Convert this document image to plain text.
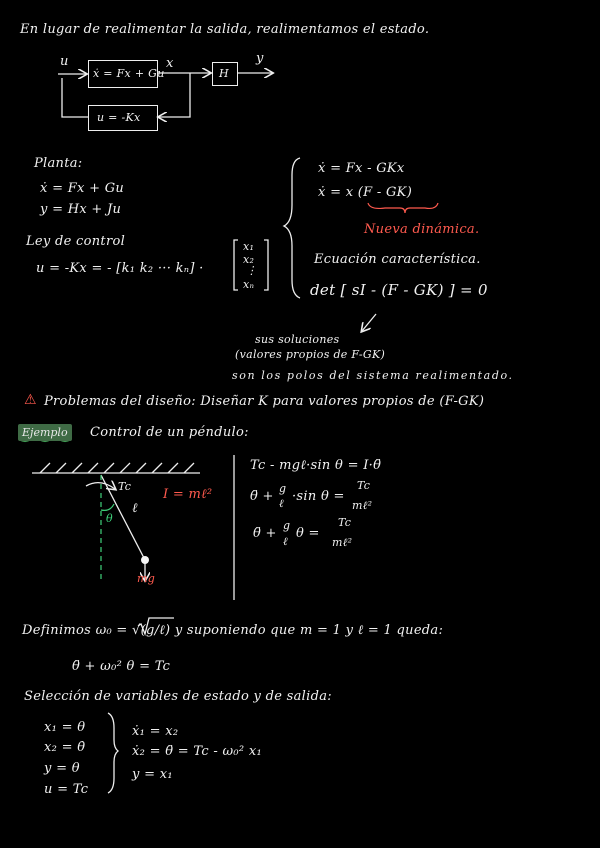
En lugar de realimentar la salida, realimentamos el estado.
u	x	y
ẋ = Fx + Gu	H
u = -Kx
Planta:
ẋ = Fx + Gu
y = Hx + Ju
Ley de control
u = -Kx = - [k₁ k₂ ··· kₙ] ·
x₁
x₂
⋮
xₙ
ẋ = Fx - GKx
ẋ = x (F - GK)
Nueva dinámica.
Ecuación característica.
det [ sI - (F - GK) ] = 0
sus soluciones
(valores propios de F-GK)
son los polos del sistema realimentado.
⚠ Problemas del diseño: Diseñar K para valores propios de (F-GK)
Ejemplo	Control de un péndulo:
Tc
θ
ℓ
I = mℓ²
mg
Tc - mgℓ·sin θ = I·θ̈
θ̈ +
g
ℓ ·sin θ =
Tc
mℓ²
θ̈ +
g
ℓ
θ =
Tc
mℓ²
Definimos ω₀ = √(g/ℓ) y suponiendo que m = 1 y ℓ = 1 queda:
θ̈ + ω₀² θ = Tc
Selección de variables de estado y de salida:
x₁ = θ
x₂ = θ̇
y = θ
u = Tc
ẋ₁ = x₂
ẋ₂ = θ̈ = Tc - ω₀² x₁
y = x₁
